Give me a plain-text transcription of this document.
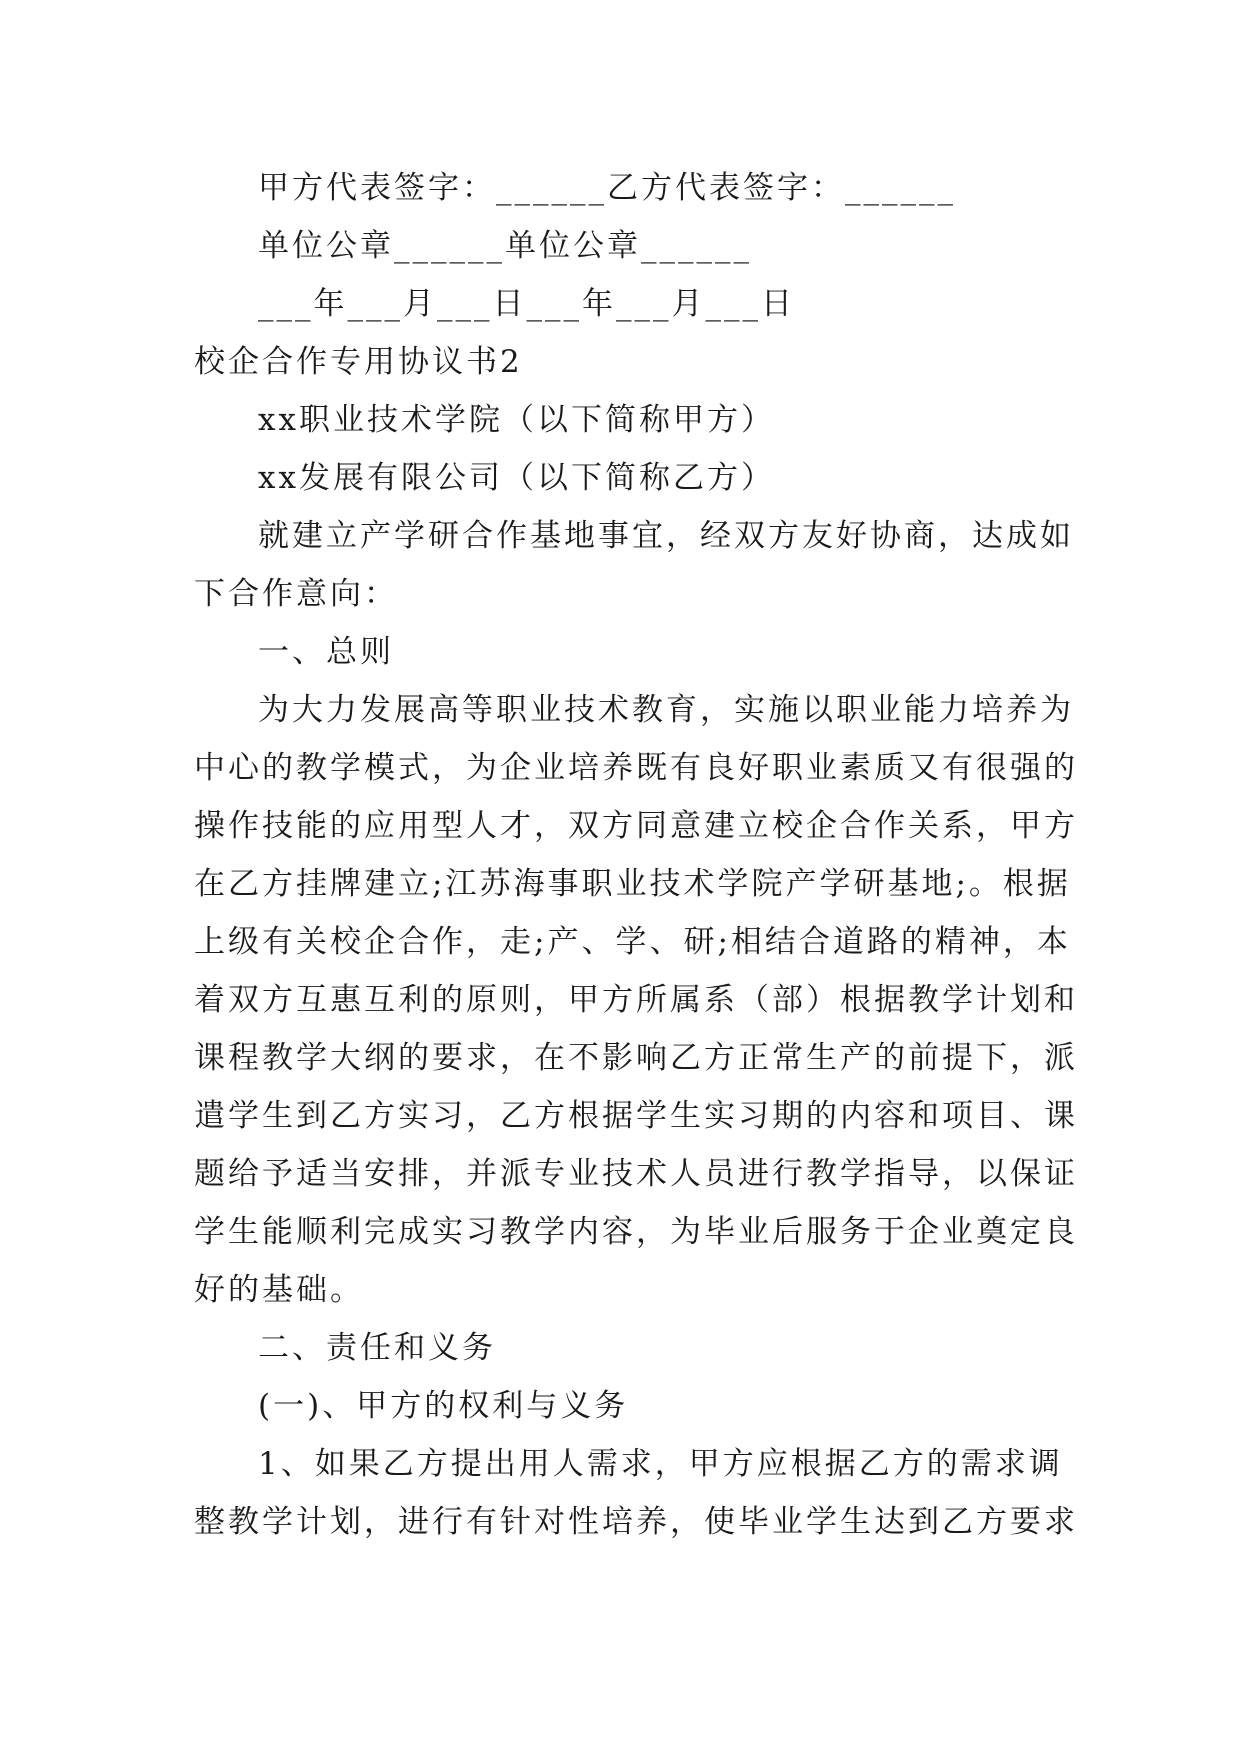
甲方代表签字：______乙方代表签字：______
单位公章______单位公章______
___年___月___日___年___月___日
校企合作专用协议书2
xx职业技术学院（以下简称甲方）
xx发展有限公司（以下简称乙方）
就建立产学研合作基地事宜，经双方友好协商，达成如
下合作意向：
一、总则
为大力发展高等职业技术教育，实施以职业能力培养为
中心的教学模式，为企业培养既有良好职业素质又有很强的
操作技能的应用型人才，双方同意建立校企合作关系，甲方
在乙方挂牌建立;江苏海事职业技术学院产学研基地;。根据
上级有关校企合作，走;产、学、研;相结合道路的精神，本
着双方互惠互利的原则，甲方所属系（部）根据教学计划和
课程教学大纲的要求，在不影响乙方正常生产的前提下，派
遣学生到乙方实习，乙方根据学生实习期的内容和项目、课
题给予适当安排，并派专业技术人员进行教学指导，以保证
学生能顺利完成实习教学内容，为毕业后服务于企业奠定良
好的基础。
二、责任和义务
(一)、甲方的权利与义务
1、如果乙方提出用人需求，甲方应根据乙方的需求调
整教学计划，进行有针对性培养，使毕业学生达到乙方要求
